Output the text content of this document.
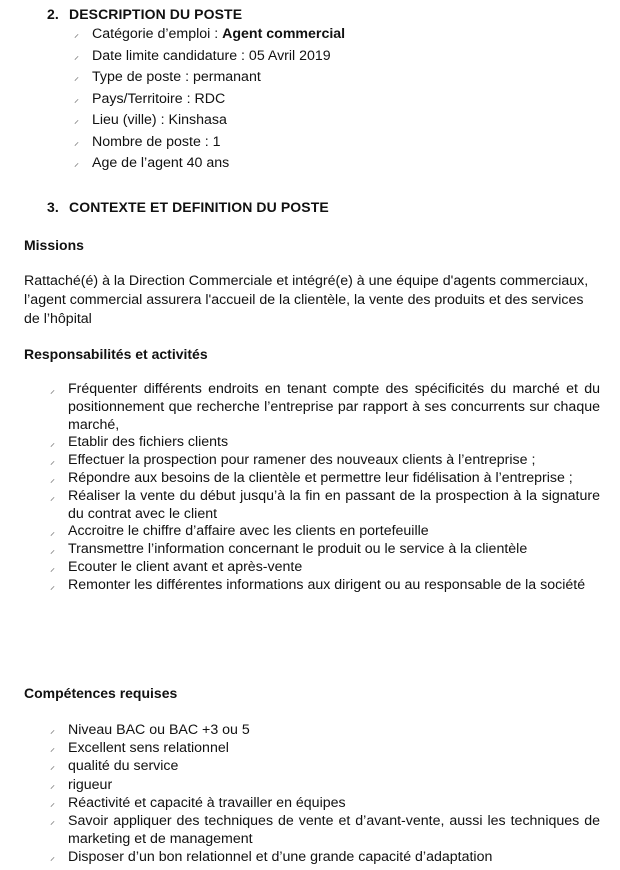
2. DESCRIPTION DU POSTE
⸝ Catégorie d’emploi : Agent commercial
⸝ Date limite candidature : 05 Avril 2019
⸝ Type de poste : permanant
⸝ Pays/Territoire : RDC
⸝ Lieu (ville) : Kinshasa
⸝ Nombre de poste : 1
⸝ Age de l’agent 40 ans
3. CONTEXTE ET DEFINITION DU POSTE
Missions

Rattaché(é) à la Direction Commerciale et intégré(e) à une équipe d'agents commerciaux, l’agent commercial assurera l'accueil de la clientèle, la vente des produits et des services de l’hôpital

Responsabilités et activités
⸝ Fréquenter différents endroits en tenant compte des spécificités du marché et du positionnement que recherche l’entreprise par rapport à ses concurrents sur chaque marché,
⸝ Etablir des fichiers clients
⸝ Effectuer la prospection pour ramener des nouveaux clients à l’entreprise ;
⸝ Répondre aux besoins de la clientèle et permettre leur fidélisation à l’entreprise ;
⸝ Réaliser la vente du début jusqu’à la fin en passant de la prospection à la signature du contrat avec le client
⸝ Accroitre le chiffre d’affaire avec les clients en portefeuille
⸝ Transmettre l’information concernant le produit ou le service à la clientèle
⸝ Ecouter le client avant et après-vente
⸝ Remonter les différentes informations aux dirigent ou au responsable de la société
Compétences requises
⸝ Niveau BAC ou BAC +3 ou 5
⸝ Excellent sens relationnel
⸝ qualité du service
⸝ rigueur
⸝ Réactivité et capacité à travailler en équipes
⸝ Savoir appliquer des techniques de vente et d’avant-vente, aussi les techniques de marketing et de management
⸝ Disposer d’un bon relationnel et d’une grande capacité d’adaptation
